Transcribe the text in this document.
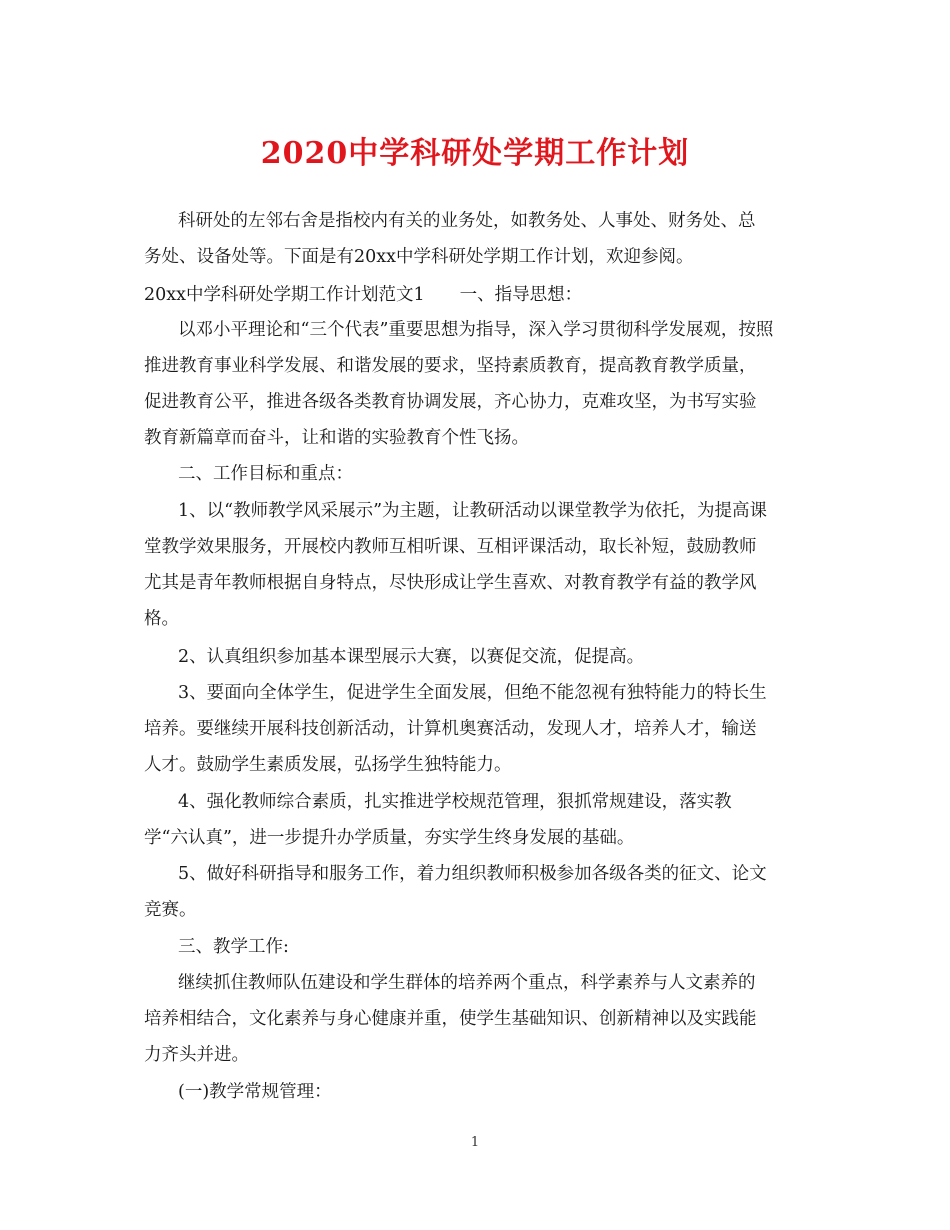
2020中学科研处学期工作计划
科研处的左邻右舍是指校内有关的业务处，如教务处、人事处、财务处、总
务处、设备处等。下面是有20xx中学科研处学期工作计划，欢迎参阅。
20xx中学科研处学期工作计划范文1　　一、指导思想：
以邓小平理论和“三个代表”重要思想为指导，深入学习贯彻科学发展观，按照
推进教育事业科学发展、和谐发展的要求，坚持素质教育，提高教育教学质量，
促进教育公平，推进各级各类教育协调发展，齐心协力，克难攻坚，为书写实验
教育新篇章而奋斗，让和谐的实验教育个性飞扬。
二、工作目标和重点：
1、以“教师教学风采展示”为主题，让教研活动以课堂教学为依托，为提高课
堂教学效果服务，开展校内教师互相听课、互相评课活动，取长补短，鼓励教师
尤其是青年教师根据自身特点，尽快形成让学生喜欢、对教育教学有益的教学风
格。
2、认真组织参加基本课型展示大赛，以赛促交流，促提高。
3、要面向全体学生，促进学生全面发展，但绝不能忽视有独特能力的特长生
培养。要继续开展科技创新活动，计算机奥赛活动，发现人才，培养人才，输送
人才。鼓励学生素质发展，弘扬学生独特能力。
4、强化教师综合素质，扎实推进学校规范管理，狠抓常规建设，落实教
学“六认真”，进一步提升办学质量，夯实学生终身发展的基础。
5、做好科研指导和服务工作，着力组织教师积极参加各级各类的征文、论文
竞赛。
三、教学工作:
继续抓住教师队伍建设和学生群体的培养两个重点，科学素养与人文素养的
培养相结合，文化素养与身心健康并重，使学生基础知识、创新精神以及实践能
力齐头并进。
(一)教学常规管理：
1
